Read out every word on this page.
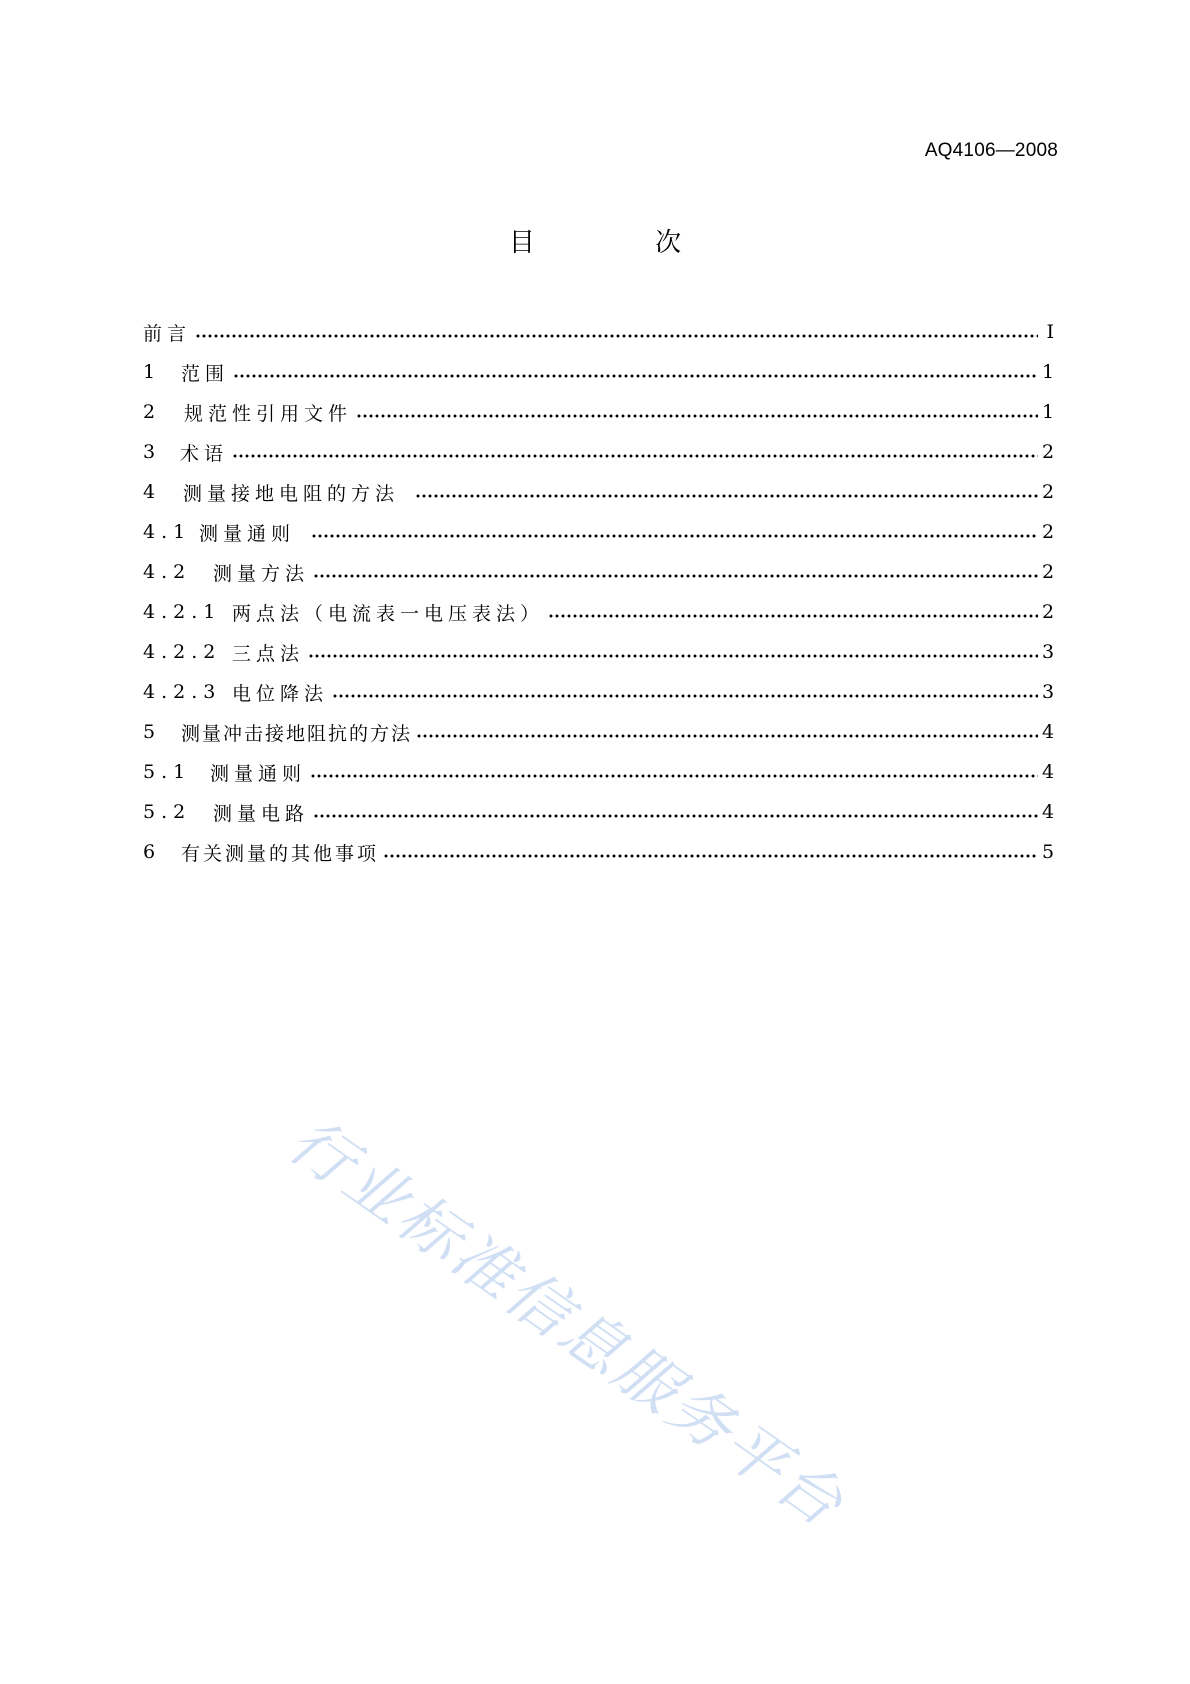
AQ4106—2008
目 次
前言	I
1	范围	1
2	规范性引用文件	1
3 术语	2
4	测量接地电阻的方法	2
4.1 测量通则	2
4.2	测量方法	2
4.2.1 两点法（电流表一电压表法）	2
4.2.2 三点法	3
4.2.3 电位降法	3
5	测量冲击接地阻抗的方法	4
5.1 测量通则	4
5.2	测量电路	4
6	有关测量的其他事项	5
行业标准信息服务平台
